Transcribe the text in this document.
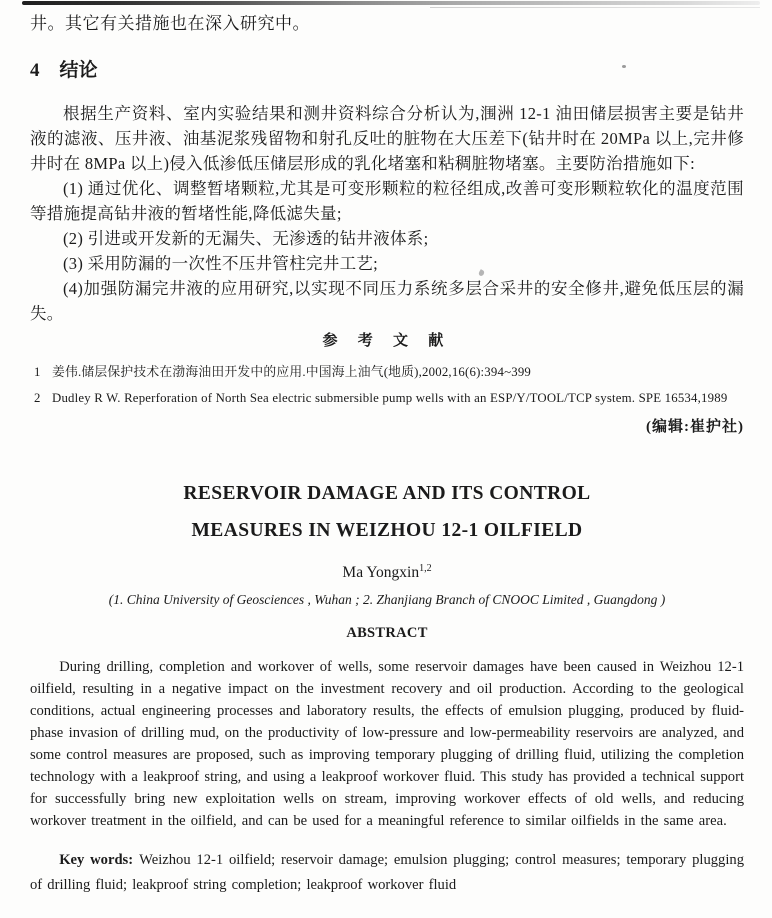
井。其它有关措施也在深入研究中。

4 结论

根据生产资料、室内实验结果和测井资料综合分析认为,涠洲 12-1 油田储层损害主要是钻井液的滤液、压井液、油基泥浆残留物和射孔反吐的脏物在大压差下(钻井时在 20MPa 以上,完井修井时在 8MPa 以上)侵入低渗低压储层形成的乳化堵塞和粘稠脏物堵塞。主要防治措施如下:

(1) 通过优化、调整暂堵颗粒,尤其是可变形颗粒的粒径组成,改善可变形颗粒软化的温度范围等措施提高钻井液的暂堵性能,降低滤失量;

(2) 引进或开发新的无漏失、无渗透的钻井液体系;

(3) 采用防漏的一次性不压井管柱完井工艺;

(4)加强防漏完井液的应用研究,以实现不同压力系统多层合采井的安全修井,避免低压层的漏失。

参 考 文 献
1 姜伟.储层保护技术在渤海油田开发中的应用.中国海上油气(地质),2002,16(6):394~399
2 Dudley R W. Reperforation of North Sea electric submersible pump wells with an ESP/Y/TOOL/TCP system. SPE 16534,1989

(编辑:崔护社)

RESERVOIR DAMAGE AND ITS CONTROL
MEASURES IN WEIZHOU 12-1 OILFIELD

Ma Yongxin$^{1,2}$

(1. China University of Geosciences , Wuhan ; 2. Zhanjiang Branch of CNOOC Limited , Guangdong )

ABSTRACT

During drilling, completion and workover of wells, some reservoir damages have been caused in Weizhou 12-1 oilfield, resulting in a negative impact on the investment recovery and oil production. According to the geological conditions, actual engineering processes and laboratory results, the effects of emulsion plugging, produced by fluid-phase invasion of drilling mud, on the productivity of low-pressure and low-permeability reservoirs are analyzed, and some control measures are proposed, such as improving temporary plugging of drilling fluid, utilizing the completion technology with a leakproof string, and using a leakproof workover fluid. This study has provided a technical support for successfully bring new exploitation wells on stream, improving workover effects of old wells, and reducing workover treatment in the oilfield, and can be used for a meaningful reference to similar oilfields in the same area.

Key words: Weizhou 12-1 oilfield; reservoir damage; emulsion plugging; control measures; temporary plugging of drilling fluid; leakproof string completion; leakproof workover fluid
